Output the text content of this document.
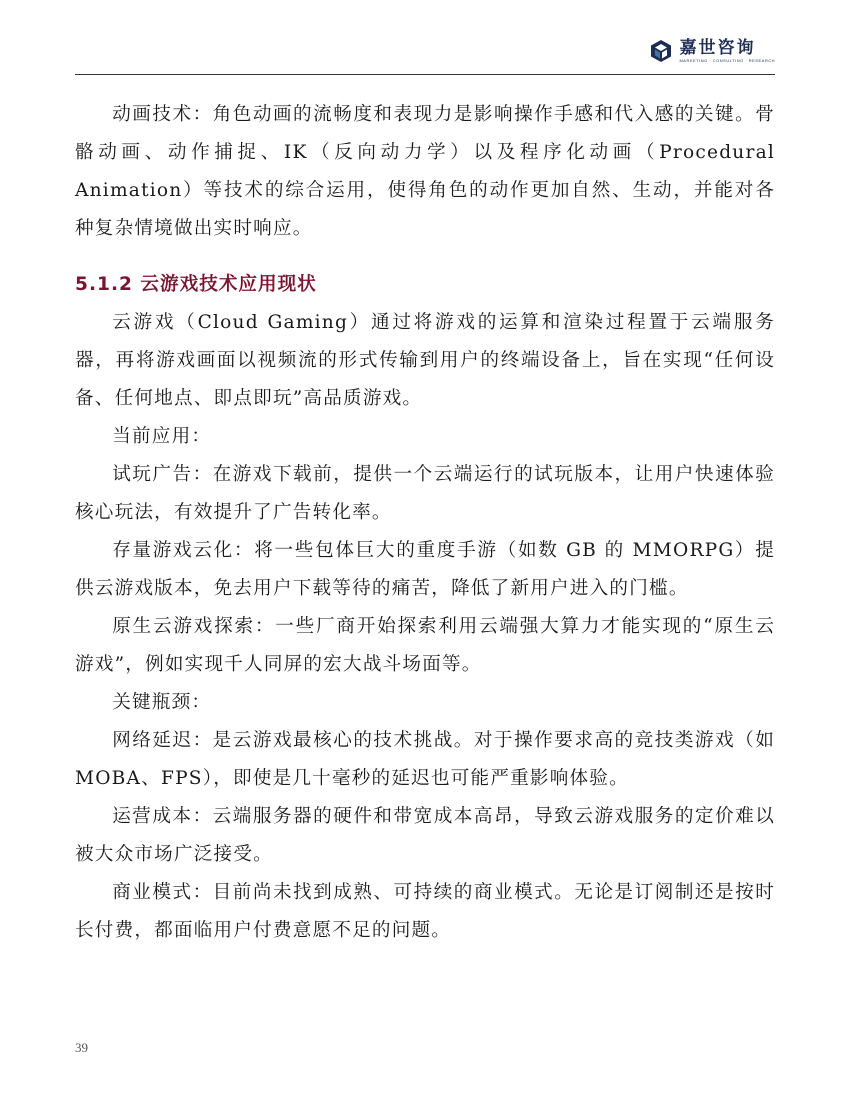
嘉世咨询
MARKETING · CONSULTING · RESEARCH

动画技术：角色动画的流畅度和表现力是影响操作手感和代入感的关键。骨骼动画、动作捕捉、IK（反向动力学）以及程序化动画（Procedural Animation）等技术的综合运用，使得角色的动作更加自然、生动，并能对各种复杂情境做出实时响应。

5.1.2 云游戏技术应用现状

云游戏（Cloud Gaming）通过将游戏的运算和渲染过程置于云端服务器，再将游戏画面以视频流的形式传输到用户的终端设备上，旨在实现“任何设备、任何地点、即点即玩”高品质游戏。

当前应用：

试玩广告：在游戏下载前，提供一个云端运行的试玩版本，让用户快速体验核心玩法，有效提升了广告转化率。

存量游戏云化：将一些包体巨大的重度手游（如数 GB 的 MMORPG）提供云游戏版本，免去用户下载等待的痛苦，降低了新用户进入的门槛。

原生云游戏探索：一些厂商开始探索利用云端强大算力才能实现的“原生云游戏”，例如实现千人同屏的宏大战斗场面等。

关键瓶颈：

网络延迟：是云游戏最核心的技术挑战。对于操作要求高的竞技类游戏（如 MOBA、FPS），即使是几十毫秒的延迟也可能严重影响体验。

运营成本：云端服务器的硬件和带宽成本高昂，导致云游戏服务的定价难以被大众市场广泛接受。

商业模式：目前尚未找到成熟、可持续的商业模式。无论是订阅制还是按时长付费，都面临用户付费意愿不足的问题。

39
